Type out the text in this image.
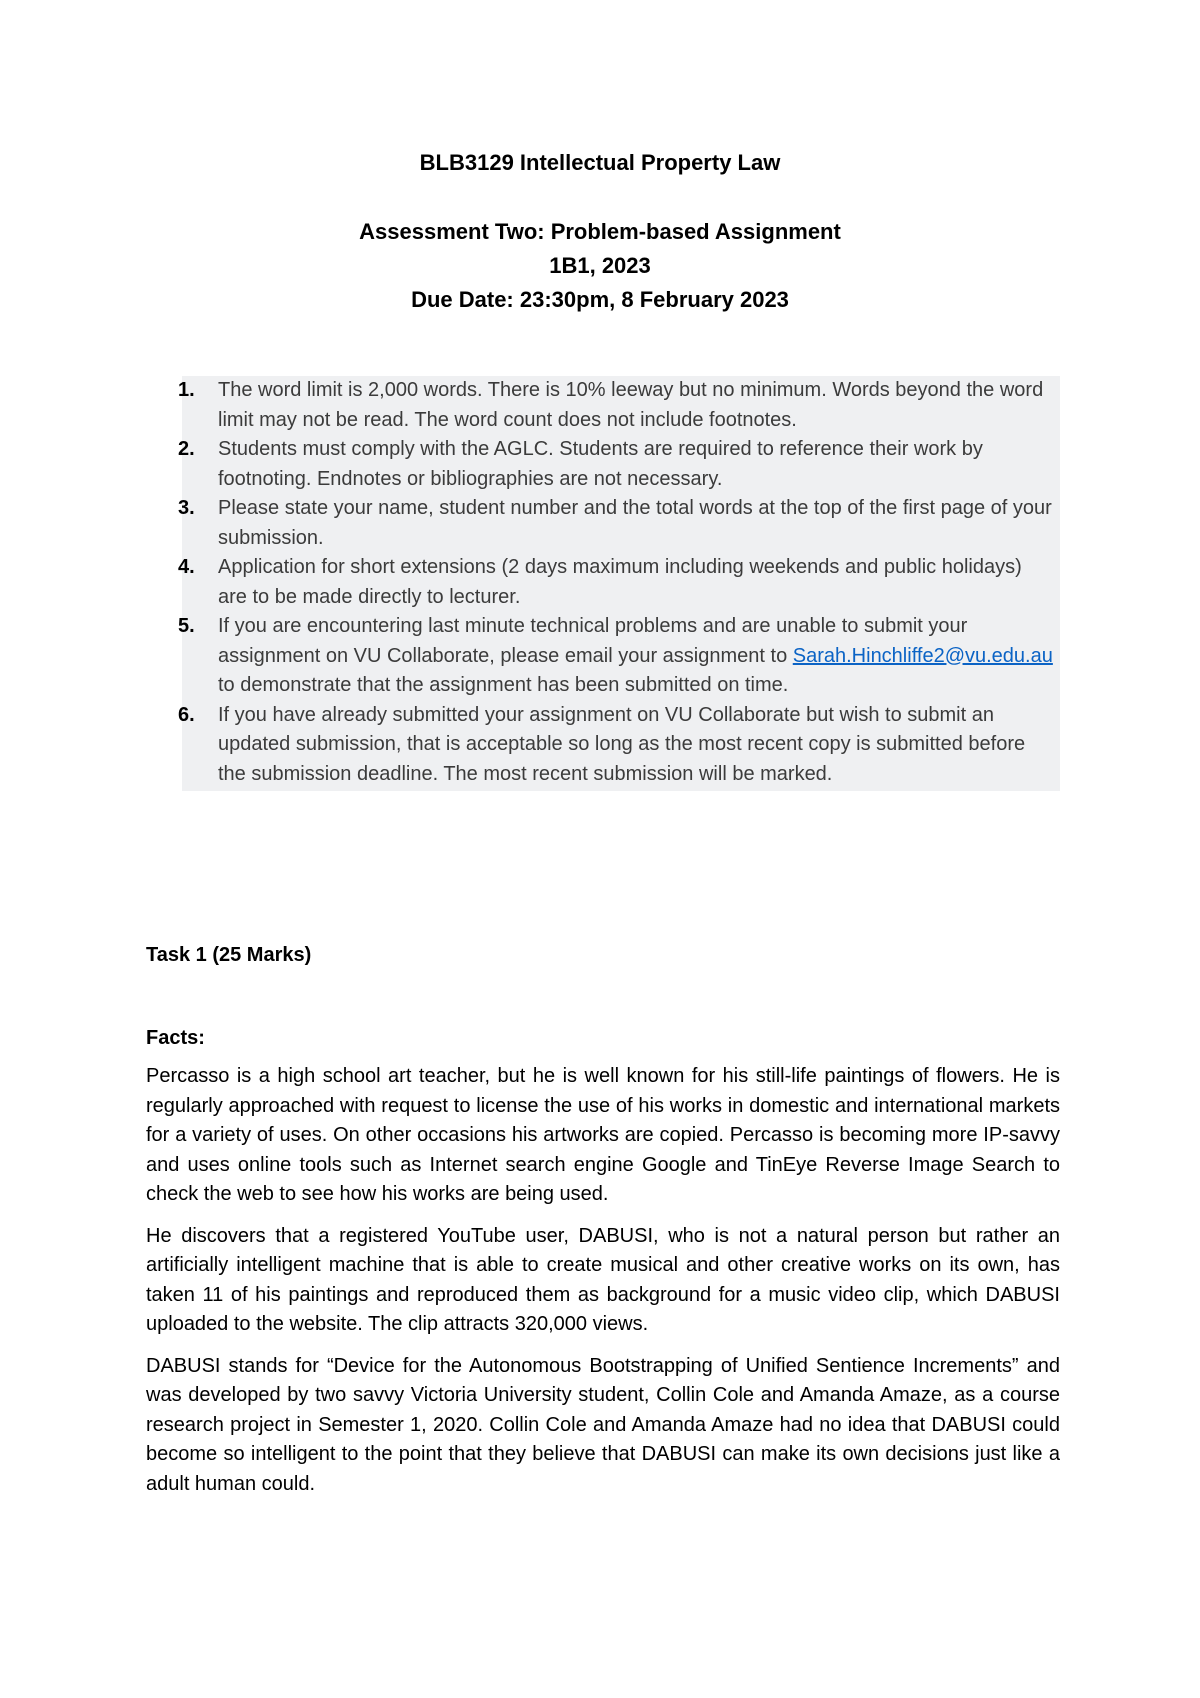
BLB3129 Intellectual Property Law
Assessment Two: Problem-based Assignment
1B1, 2023
Due Date: 23:30pm, 8 February 2023
1. The word limit is 2,000 words. There is 10% leeway but no minimum. Words beyond the word limit may not be read. The word count does not include footnotes.
2. Students must comply with the AGLC. Students are required to reference their work by footnoting. Endnotes or bibliographies are not necessary.
3. Please state your name, student number and the total words at the top of the first page of your submission.
4. Application for short extensions (2 days maximum including weekends and public holidays) are to be made directly to lecturer.
5. If you are encountering last minute technical problems and are unable to submit your assignment on VU Collaborate, please email your assignment to Sarah.Hinchliffe2@vu.edu.au to demonstrate that the assignment has been submitted on time.
6. If you have already submitted your assignment on VU Collaborate but wish to submit an updated submission, that is acceptable so long as the most recent copy is submitted before the submission deadline. The most recent submission will be marked.
Task 1 (25 Marks)
Facts:

Percasso is a high school art teacher, but he is well known for his still-life paintings of flowers. He is regularly approached with request to license the use of his works in domestic and international markets for a variety of uses. On other occasions his artworks are copied. Percasso is becoming more IP-savvy and uses online tools such as Internet search engine Google and TinEye Reverse Image Search to check the web to see how his works are being used.

He discovers that a registered YouTube user, DABUSI, who is not a natural person but rather an artificially intelligent machine that is able to create musical and other creative works on its own, has taken 11 of his paintings and reproduced them as background for a music video clip, which DABUSI uploaded to the website. The clip attracts 320,000 views.

DABUSI stands for “Device for the Autonomous Bootstrapping of Unified Sentience Increments” and was developed by two savvy Victoria University student, Collin Cole and Amanda Amaze, as a course research project in Semester 1, 2020. Collin Cole and Amanda Amaze had no idea that DABUSI could become so intelligent to the point that they believe that DABUSI can make its own decisions just like a adult human could.
